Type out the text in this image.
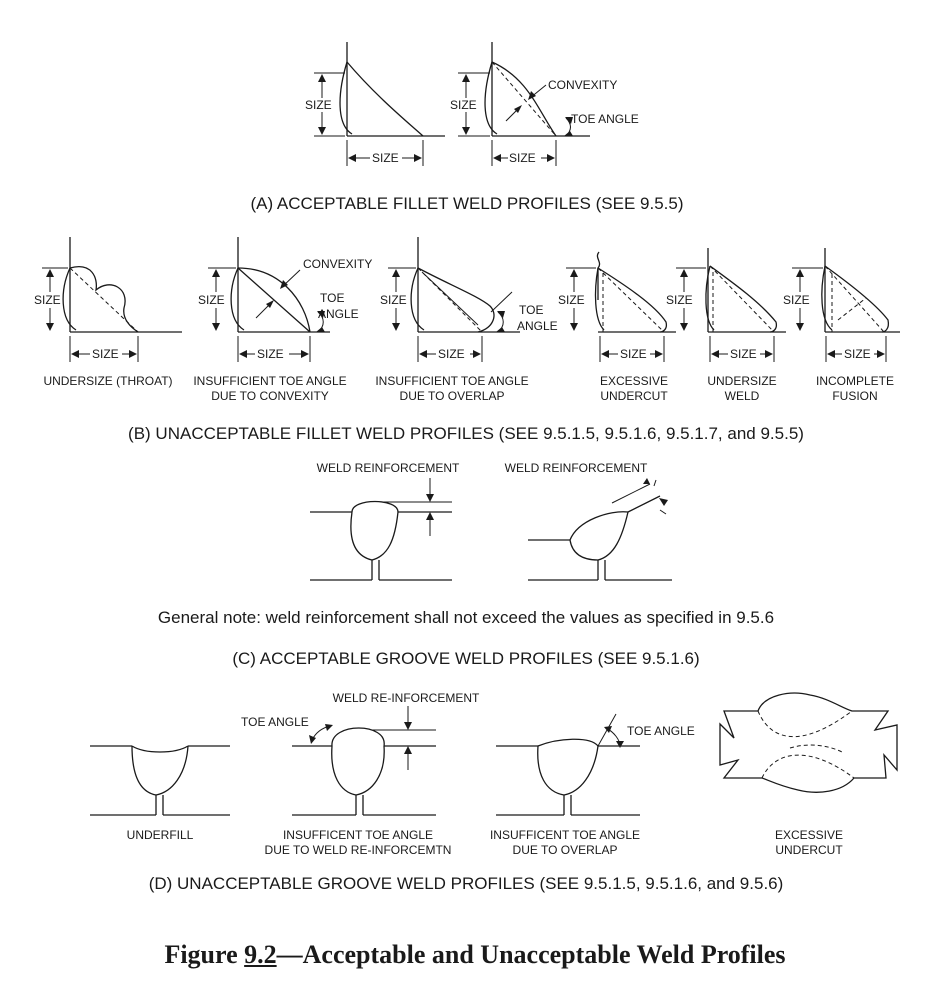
SIZE
SIZE
SIZE
SIZE
CONVEXITY
TOE ANGLE
(A) ACCEPTABLE FILLET WELD PROFILES (SEE 9.5.5)
SIZE
SIZE
SIZE
SIZE
CONVEXITY
TOE
ANGLE
SIZE
SIZE
TOE
ANGLE
SIZE
SIZE
SIZE
SIZE
SIZE
SIZE
UNDERSIZE (THROAT) INSUFFICIENT TOE ANGLE
DUE TO CONVEXITY
INSUFFICIENT TOE ANGLE
DUE TO OVERLAP
EXCESSIVE
UNDERCUT
UNDERSIZE
WELD
INCOMPLETE
FUSION
(B) UNACCEPTABLE FILLET WELD PROFILES (SEE 9.5.1.5, 9.5.1.6, 9.5.1.7, and 9.5.5)
WELD REINFORCEMENT	WELD REINFORCEMENT
General note: weld reinforcement shall not exceed the values as specified in 9.5.6
(C) ACCEPTABLE GROOVE WELD PROFILES (SEE 9.5.1.6)
TOE ANGLE
WELD RE-INFORCEMENT
TOE ANGLE
UNDERFILL	INSUFFICENT TOE ANGLE
DUE TO WELD RE-INFORCEMTN
INSUFFICENT TOE ANGLE
DUE TO OVERLAP
EXCESSIVE
UNDERCUT
(D) UNACCEPTABLE GROOVE WELD PROFILES (SEE 9.5.1.5, 9.5.1.6, and 9.5.6)
Figure 9.2—Acceptable and Unacceptable Weld Profiles
